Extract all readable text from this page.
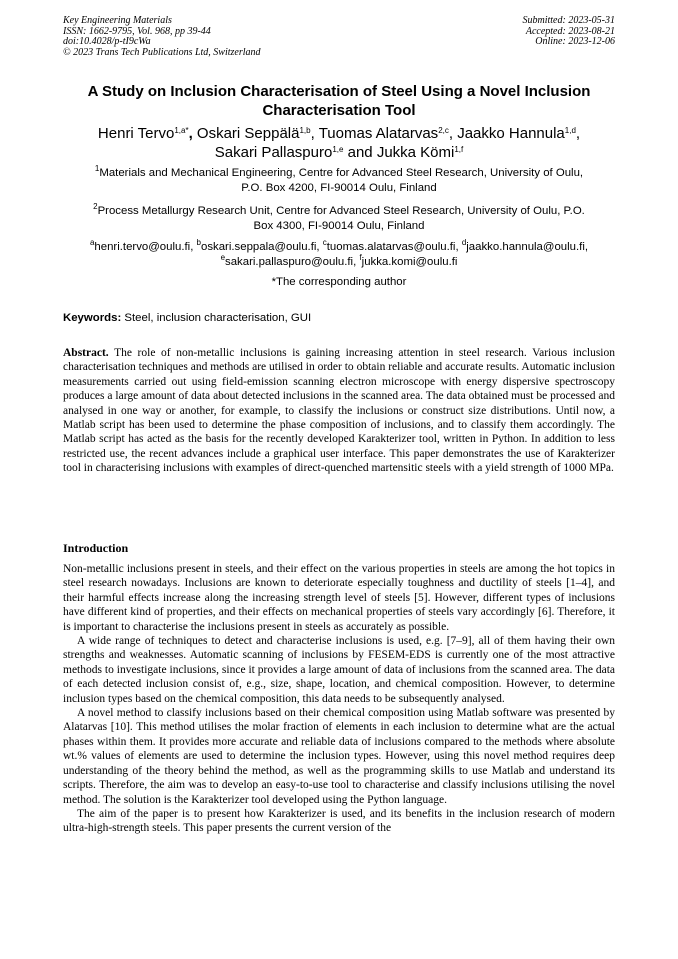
Key Engineering Materials
ISSN: 1662-9795, Vol. 968, pp 39-44
doi:10.4028/p-tI9cWa
© 2023 Trans Tech Publications Ltd, Switzerland
Submitted: 2023-05-31
Accepted: 2023-08-21
Online: 2023-12-06
A Study on Inclusion Characterisation of Steel Using a Novel Inclusion
Characterisation Tool
Henri Tervo$^{1,a*}$, Oskari Seppälä$^{1,b}$, Tuomas Alatarvas$^{2,c}$, Jaakko Hannula$^{1,d}$,
Sakari Pallaspuro$^{1,e}$ and Jukka Kömi$^{1,f}$
$^1$Materials and Mechanical Engineering, Centre for Advanced Steel Research, University of Oulu,
P.O. Box 4200, FI-90014 Oulu, Finland
$^2$Process Metallurgy Research Unit, Centre for Advanced Steel Research, University of Oulu, P.O.
Box 4300, FI-90014 Oulu, Finland
$^a$henri.tervo@oulu.fi, $^b$oskari.seppala@oulu.fi, $^c$tuomas.alatarvas@oulu.fi, $^d$jaakko.hannula@oulu.fi,
$^e$sakari.pallaspuro@oulu.fi, $^f$jukka.komi@oulu.fi
*The corresponding author
Keywords: Steel, inclusion characterisation, GUI

Abstract. The role of non-metallic inclusions is gaining increasing attention in steel research. Various inclusion characterisation techniques and methods are utilised in order to obtain reliable and accurate results. Automatic inclusion measurements carried out using field-emission scanning electron microscope with energy dispersive spectroscopy produces a large amount of data about detected inclusions in the scanned area. The data obtained must be processed and analysed in one way or another, for example, to classify the inclusions or construct size distributions. Until now, a Matlab script has been used to determine the phase composition of inclusions, and to classify them accordingly. The Matlab script has acted as the basis for the recently developed Karakterizer tool, written in Python. In addition to less restricted use, the recent advances include a graphical user interface. This paper demonstrates the use of Karakterizer tool in characterising inclusions with examples of direct-quenched martensitic steels with a yield strength of 1000 MPa.

Introduction

Non-metallic inclusions present in steels, and their effect on the various properties in steels are among the hot topics in steel research nowadays. Inclusions are known to deteriorate especially toughness and ductility of steels [1–4], and their harmful effects increase along the increasing strength level of steels [5]. However, different types of inclusions have different kind of properties, and their effects on mechanical properties of steels vary accordingly [6]. Therefore, it is important to characterise the inclusions present in steels as accurately as possible.

A wide range of techniques to detect and characterise inclusions is used, e.g. [7–9], all of them having their own strengths and weaknesses. Automatic scanning of inclusions by FESEM-EDS is currently one of the most attractive methods to investigate inclusions, since it provides a large amount of data of inclusions from the scanned area. The data of each detected inclusion consist of, e.g., size, shape, location, and chemical composition. However, to determine inclusion types based on the chemical composition, this data needs to be subsequently analysed.

A novel method to classify inclusions based on their chemical composition using Matlab software was presented by Alatarvas [10]. This method utilises the molar fraction of elements in each inclusion to determine what are the actual phases within them. It provides more accurate and reliable data of inclusions compared to the methods where absolute wt.% values of elements are used to determine the inclusion types. However, using this novel method requires deep understanding of the theory behind the method, as well as the programming skills to use Matlab and understand its scripts. Therefore, the aim was to develop an easy-to-use tool to characterise and classify inclusions utilising the novel method. The solution is the Karakterizer tool developed using the Python language.

The aim of the paper is to present how Karakterizer is used, and its benefits in the inclusion research of modern ultra-high-strength steels. This paper presents the current version of the
